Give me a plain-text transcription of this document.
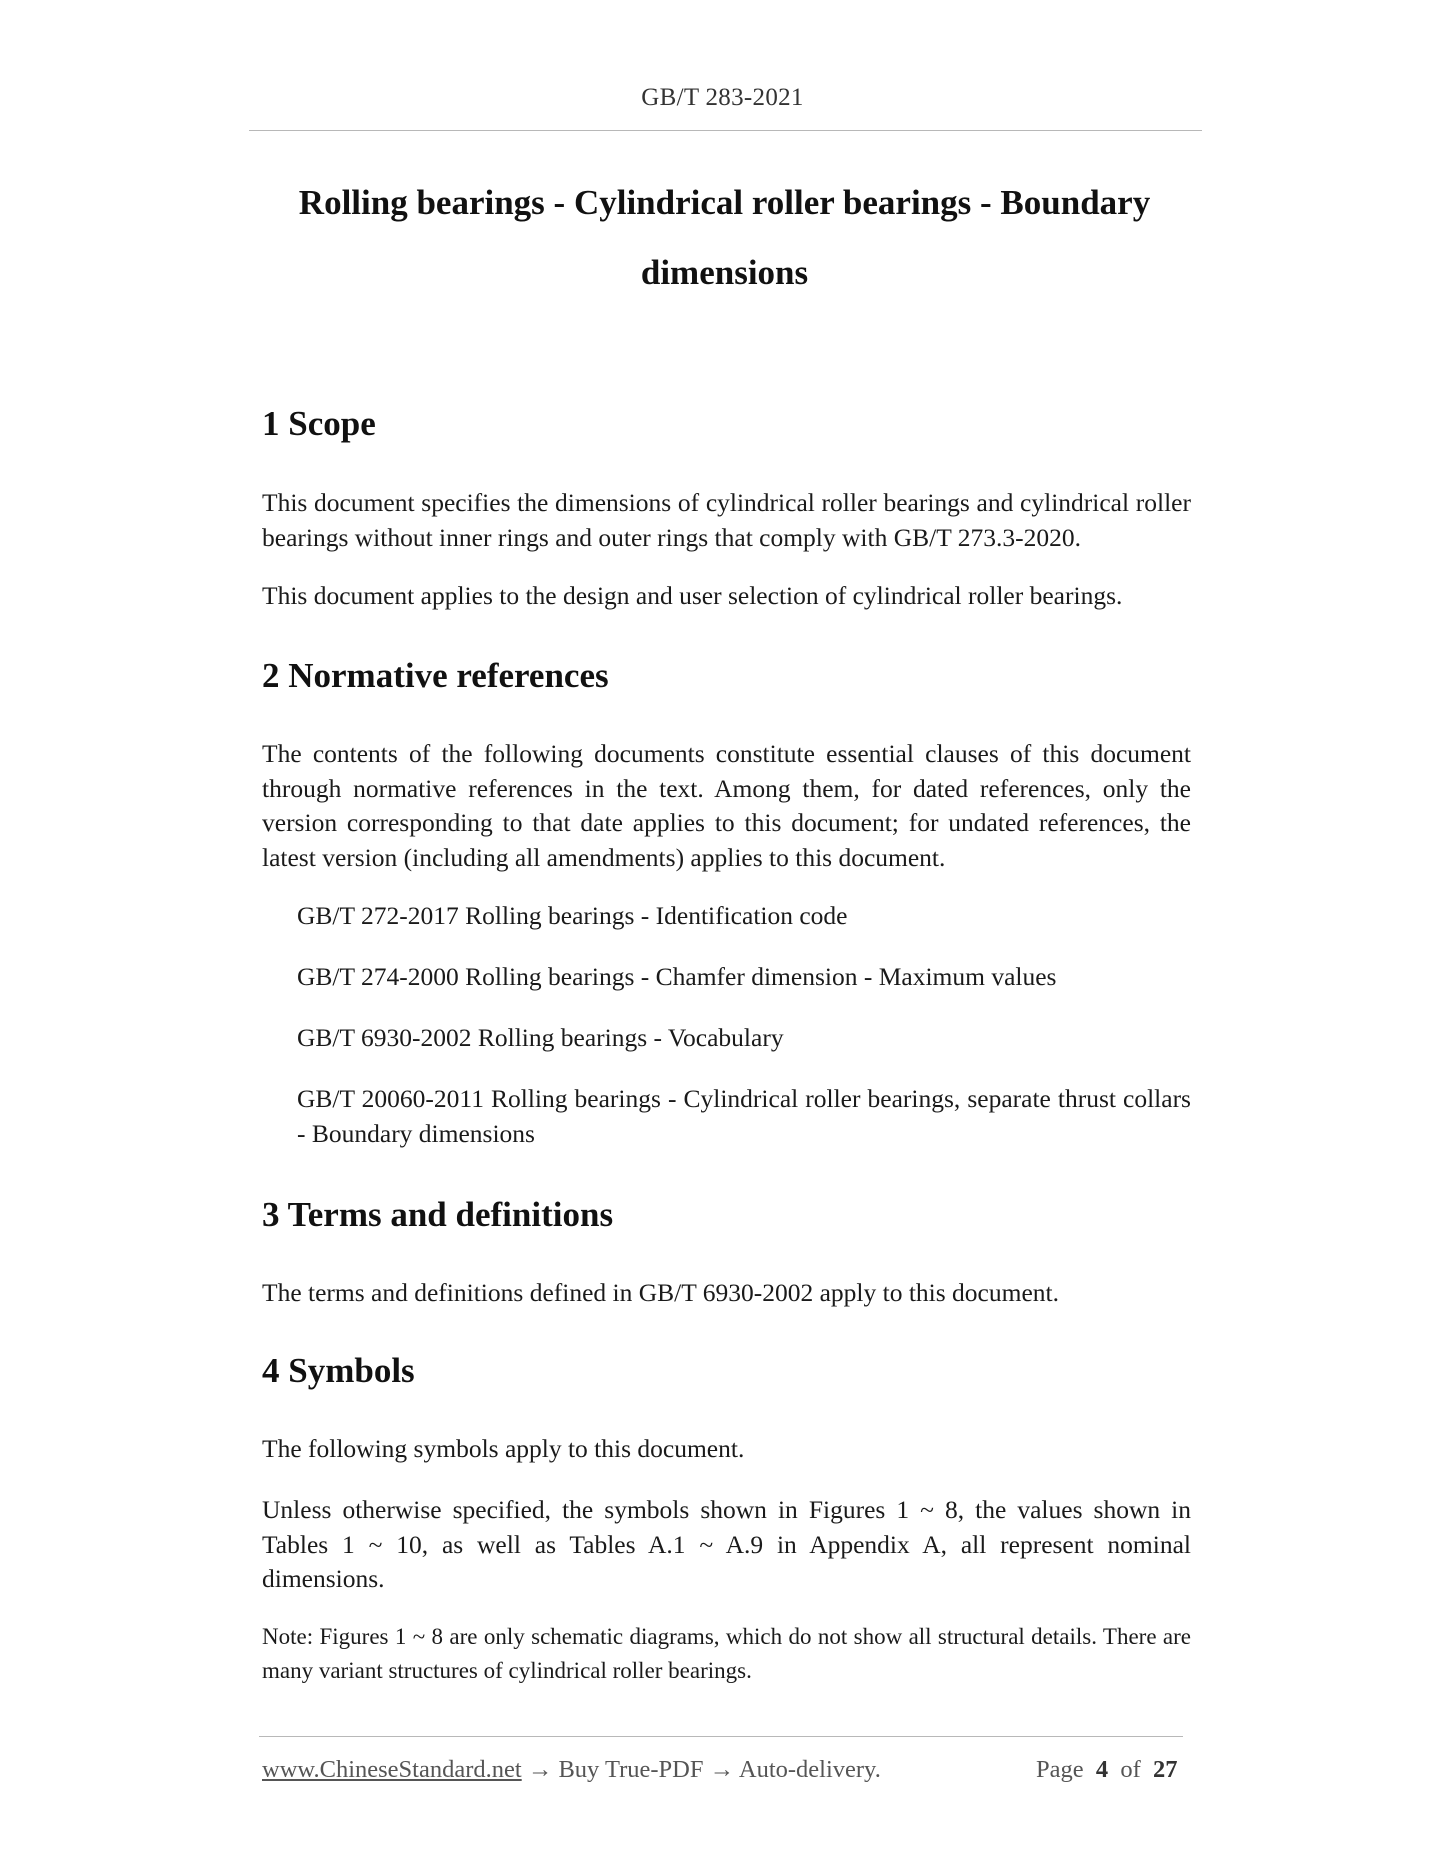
GB/T 283-2021
Rolling bearings - Cylindrical roller bearings - Boundary dimensions
1 Scope
This document specifies the dimensions of cylindrical roller bearings and cylindrical roller bearings without inner rings and outer rings that comply with GB/T 273.3-2020.
This document applies to the design and user selection of cylindrical roller bearings.
2 Normative references
The contents of the following documents constitute essential clauses of this document through normative references in the text. Among them, for dated references, only the version corresponding to that date applies to this document; for undated references, the latest version (including all amendments) applies to this document.
GB/T 272-2017 Rolling bearings - Identification code
GB/T 274-2000 Rolling bearings - Chamfer dimension - Maximum values
GB/T 6930-2002 Rolling bearings - Vocabulary
GB/T 20060-2011 Rolling bearings - Cylindrical roller bearings, separate thrust collars - Boundary dimensions
3 Terms and definitions
The terms and definitions defined in GB/T 6930-2002 apply to this document.
4 Symbols
The following symbols apply to this document.
Unless otherwise specified, the symbols shown in Figures 1 ~ 8, the values shown in Tables 1 ~ 10, as well as Tables A.1 ~ A.9 in Appendix A, all represent nominal dimensions.
Note: Figures 1 ~ 8 are only schematic diagrams, which do not show all structural details. There are many variant structures of cylindrical roller bearings.
www.ChineseStandard.net → Buy True-PDF → Auto-delivery.	Page 4 of 27
